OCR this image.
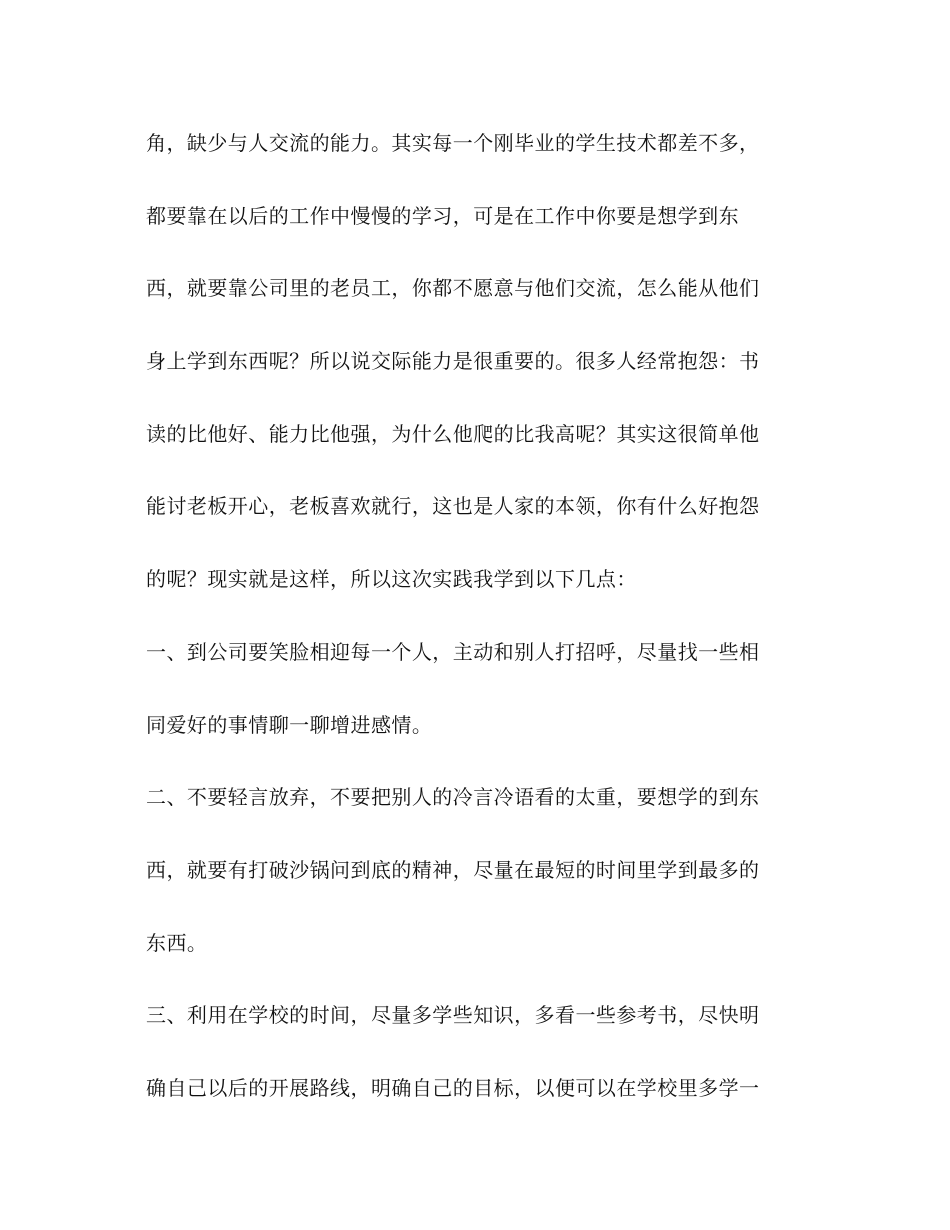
角，缺少与人交流的能力。其实每一个刚毕业的学生技术都差不多，
都要靠在以后的工作中慢慢的学习，可是在工作中你要是想学到东
西，就要靠公司里的老员工，你都不愿意与他们交流，怎么能从他们
身上学到东西呢？所以说交际能力是很重要的。很多人经常抱怨：书
读的比他好、能力比他强，为什么他爬的比我高呢？其实这很简单他
能讨老板开心，老板喜欢就行，这也是人家的本领，你有什么好抱怨
的呢？现实就是这样，所以这次实践我学到以下几点：
一、到公司要笑脸相迎每一个人，主动和别人打招呼，尽量找一些相
同爱好的事情聊一聊增进感情。
二、不要轻言放弃，不要把别人的冷言冷语看的太重，要想学的到东
西，就要有打破沙锅问到底的精神，尽量在最短的时间里学到最多的
东西。
三、利用在学校的时间，尽量多学些知识，多看一些参考书，尽快明
确自己以后的开展路线，明确自己的目标，以便可以在学校里多学一
